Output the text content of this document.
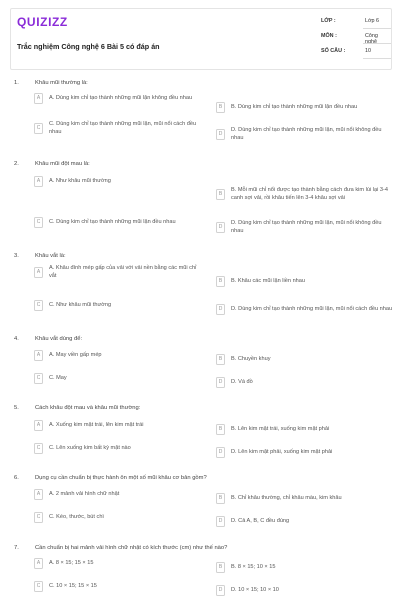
QUIZIZZ
Trắc nghiệm Công nghệ 6 Bài 5 có đáp án
LỚP :	Lớp 6
MÔN :	Công nghệ
SỐ CÂU :	10
1.	Khâu mũi thường là:
A	A. Dùng kim chỉ tạo thành những mũi lặn không đều nhau
B	B. Dùng kim chỉ tạo thành những mũi lặn đều nhau
C
C. Dùng kim chỉ tạo thành những mũi lặn, mũi nổi cách đều nhau	D
D. Dùng kim chỉ tạo thành những mũi lặn, mũi nổi không đều nhau
2.	Khâu mũi đột mau là:
A	A. Như khâu mũi thường
B
B. Mỗi mũi chỉ nổi được tạo thành bằng cách đưa kim lùi lại 3-4 canh sợi vải, rồi khâu tiến lên 3-4 khâu sợi vải
C	C. Dùng kim chỉ tạo thành những mũi lặn đều nhau
D
D. Dùng kim chỉ tạo thành những mũi lặn, mũi nổi không đều nhau
3.	Khâu vắt là:
A
A. Khâu đính mép gấp của vải với vải nền bằng các mũi chỉ vắt
B	B. Khâu các mũi lặn liền nhau
C	C. Như khâu mũi thường
D	D. Dùng kim chỉ tạo thành những mũi lặn, mũi nổi cách đều nhau
4.	Khâu vắt dùng để:
A	A. May viền gấp mép
B	B. Chuyền khuy
C	C. May
D	D. Vá đồ
5.	Cách khâu đột mau và khâu mũi thường:
A	A. Xuống kim mặt trái, lên kim mặt trái
B	B. Lên kim mặt trái, xuống kim mặt phải
C	C. Lên xuống kim bất kỳ mặt nào
D	D. Lên kim mặt phải, xuống kim mặt phải
6.	Dụng cụ cần chuẩn bị thực hành ôn một số mũi khâu cơ bản gồm?
A	A. 2 mảnh vải hình chữ nhật
B	B. Chỉ khâu thường, chỉ khâu màu, kim khâu
C	C. Kéo, thước, bút chì
D	D. Cả A, B, C đều đúng
7.	Cần chuẩn bị hai mảnh vải hình chữ nhật có kích thước (cm) như thế nào?
A	A. 8 × 15; 15 × 15
B	B. 8 × 15; 10 × 15
C	C. 10 × 15; 15 × 15
D	D. 10 × 15; 10 × 10
